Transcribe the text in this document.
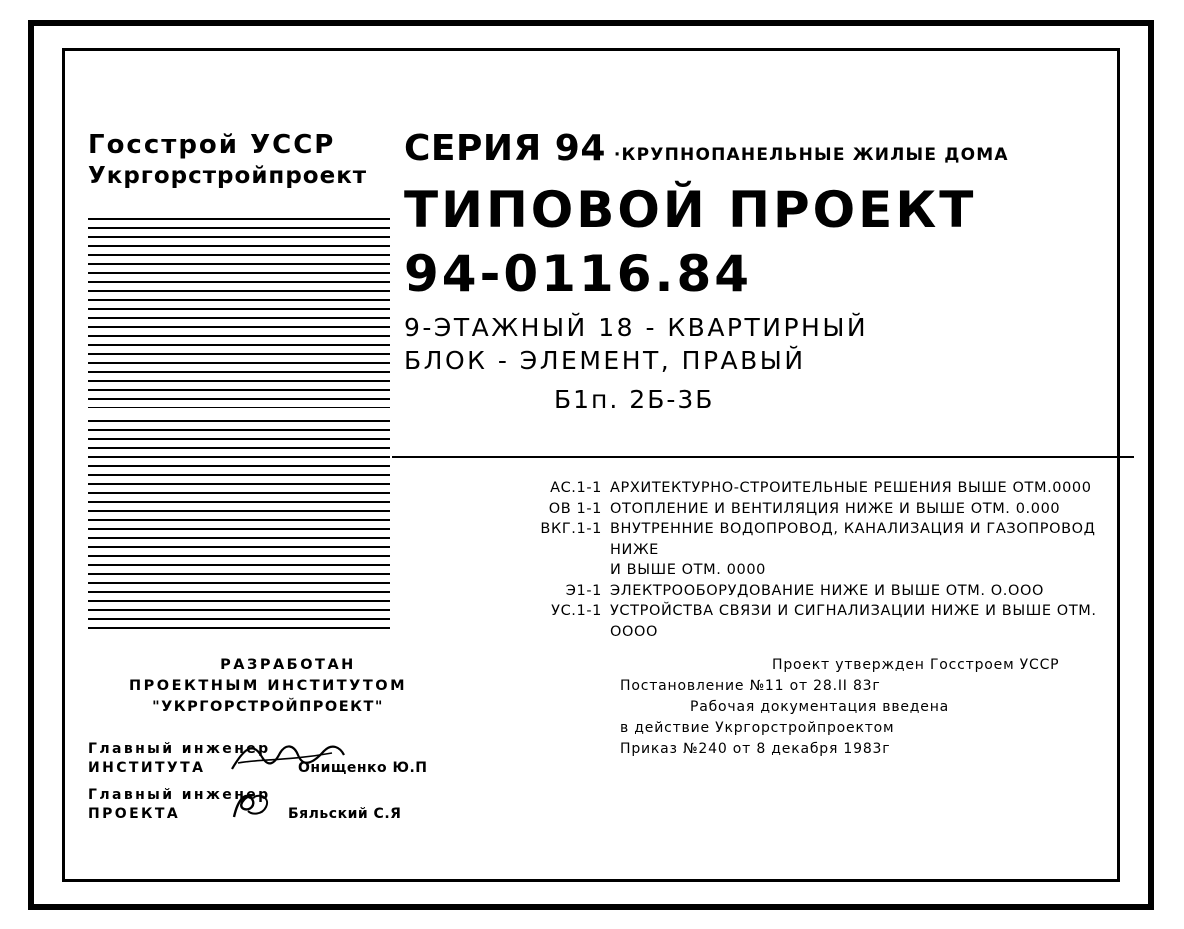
Госстрой УССР
Укргорстройпроект
СЕРИЯ 94 ·КРУПНОПАНЕЛЬНЫЕ ЖИЛЫЕ ДОМА
ТИПОВОЙ ПРОЕКТ
94-0116.84
9-ЭТАЖНЫЙ 18 - КВАРТИРНЫЙ
БЛОК - ЭЛЕМЕНТ, ПРАВЫЙ
Б1п. 2Б-3Б
АС.1-1 АРХИТЕКТУРНО-СТРОИТЕЛЬНЫЕ РЕШЕНИЯ ВЫШЕ ОТМ.0000
ОВ 1-1 ОТОПЛЕНИЕ И ВЕНТИЛЯЦИЯ НИЖЕ И ВЫШЕ ОТМ. 0.000
ВКГ.1-1 ВНУТРЕННИЕ ВОДОПРОВОД, КАНАЛИЗАЦИЯ И ГАЗОПРОВОД НИЖЕ
И ВЫШЕ ОТМ. 0000
Э1-1 ЭЛЕКТРООБОРУДОВАНИЕ НИЖЕ И ВЫШЕ ОТМ. О.ООО
УС.1-1 УСТРОЙСТВА СВЯЗИ И СИГНАЛИЗАЦИИ НИЖЕ И ВЫШЕ ОТМ.
ОООО
РАЗРАБОТАН
ПРОЕКТНЫМ ИНСТИТУТОМ
"УКРГОРСТРОЙПРОЕКТ"
Главный инженер
ИНСТИТУТА	Онищенко Ю.П
Главный инженер
ПРОЕКТА	Бяльский С.Я
Проект утвержден Госстроем УССР
Постановление №11 от 28.II 83г
Рабочая документация введена
в действие Укргорстройпроектом
Приказ №240 от 8 декабря 1983г
